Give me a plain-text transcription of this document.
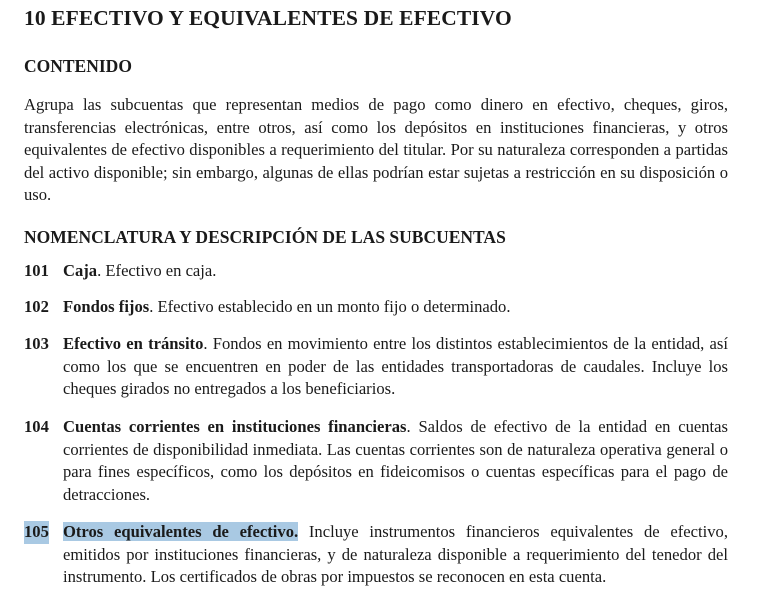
10 EFECTIVO Y EQUIVALENTES DE EFECTIVO
CONTENIDO

Agrupa las subcuentas que representan medios de pago como dinero en efectivo, cheques, giros, transferencias electrónicas, entre otros, así como los depósitos en instituciones financieras, y otros equivalentes de efectivo disponibles a requerimiento del titular. Por su naturaleza corresponden a partidas del activo disponible; sin embargo, algunas de ellas podrían estar sujetas a restricción en su disposición o uso.

NOMENCLATURA Y DESCRIPCIÓN DE LAS SUBCUENTAS
101 Caja. Efectivo en caja.

102 Fondos fijos. Efectivo establecido en un monto fijo o determinado.

103 Efectivo en tránsito. Fondos en movimiento entre los distintos establecimientos de la entidad, así como los que se encuentren en poder de las entidades transportadoras de caudales. Incluye los cheques girados no entregados a los beneficiarios.

104 Cuentas corrientes en instituciones financieras. Saldos de efectivo de la entidad en cuentas corrientes de disponibilidad inmediata. Las cuentas corrientes son de naturaleza operativa general o para fines específicos, como los depósitos en fideicomisos o cuentas específicas para el pago de detracciones.

105 Otros equivalentes de efectivo. Incluye instrumentos financieros equivalentes de efectivo, emitidos por instituciones financieras, y de naturaleza disponible a requerimiento del tenedor del instrumento. Los certificados de obras por impuestos se reconocen en esta cuenta.
